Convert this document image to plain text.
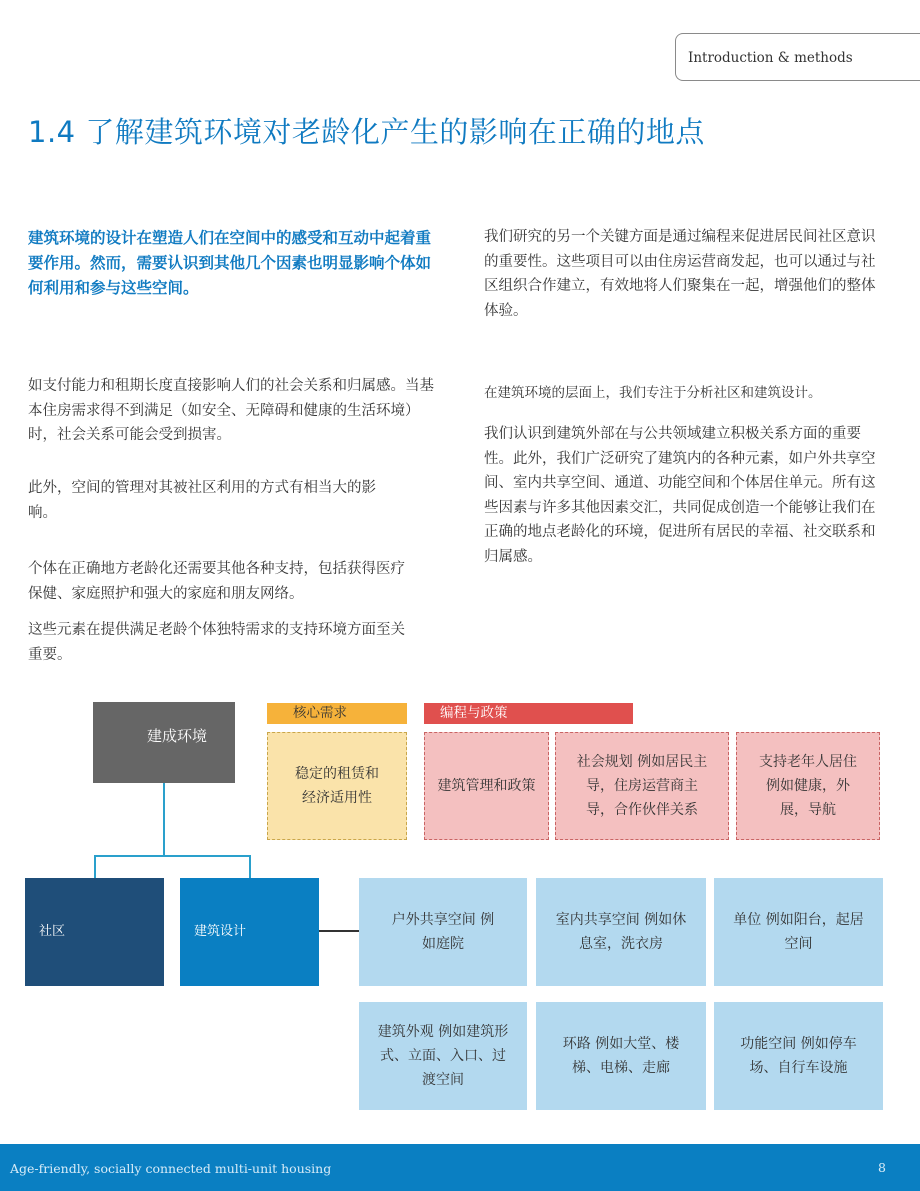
Introduction & methods
1.4 了解建筑环境对老龄化产生的影响在正确的地点

建筑环境的设计在塑造人们在空间中的感受和互动中起着重要作用。然而，需要认识到其他几个因素也明显影响个体如何利用和参与这些空间。

如支付能力和租期长度直接影响人们的社会关系和归属感。当基本住房需求得不到满足（如安全、无障碍和健康的生活环境）时，社会关系可能会受到损害。

此外，空间的管理对其被社区利用的方式有相当大的影响。

个体在正确地方老龄化还需要其他各种支持，包括获得医疗保健、家庭照护和强大的家庭和朋友网络。

这些元素在提供满足老龄个体独特需求的支持环境方面至关重要。

我们研究的另一个关键方面是通过编程来促进居民间社区意识的重要性。这些项目可以由住房运营商发起，也可以通过与社区组织合作建立，有效地将人们聚集在一起，增强他们的整体体验。

在建筑环境的层面上，我们专注于分析社区和建筑设计。

我们认识到建筑外部在与公共领域建立积极关系方面的重要性。此外，我们广泛研究了建筑内的各种元素，如户外共享空间、室内共享空间、通道、功能空间和个体居住单元。所有这些因素与许多其他因素交汇，共同促成创造一个能够让我们在正确的地点老龄化的环境，促进所有居民的幸福、社交联系和归属感。

建成环境
核心需求
稳定的租赁和经济适用性
编程与政策
建筑管理和政策
社会规划 例如居民主导，住房运营商主导，合作伙伴关系
支持老年人居住 例如健康，外展，导航
社区	建筑设计
户外共享空间 例如庭院
室内共享空间 例如休息室，洗衣房
单位 例如阳台，起居空间
建筑外观 例如建筑形式、立面、入口、过渡空间
环路 例如大堂、楼梯、电梯、走廊
功能空间 例如停车场、自行车设施
Age-friendly, socially connected multi-unit housing	8
